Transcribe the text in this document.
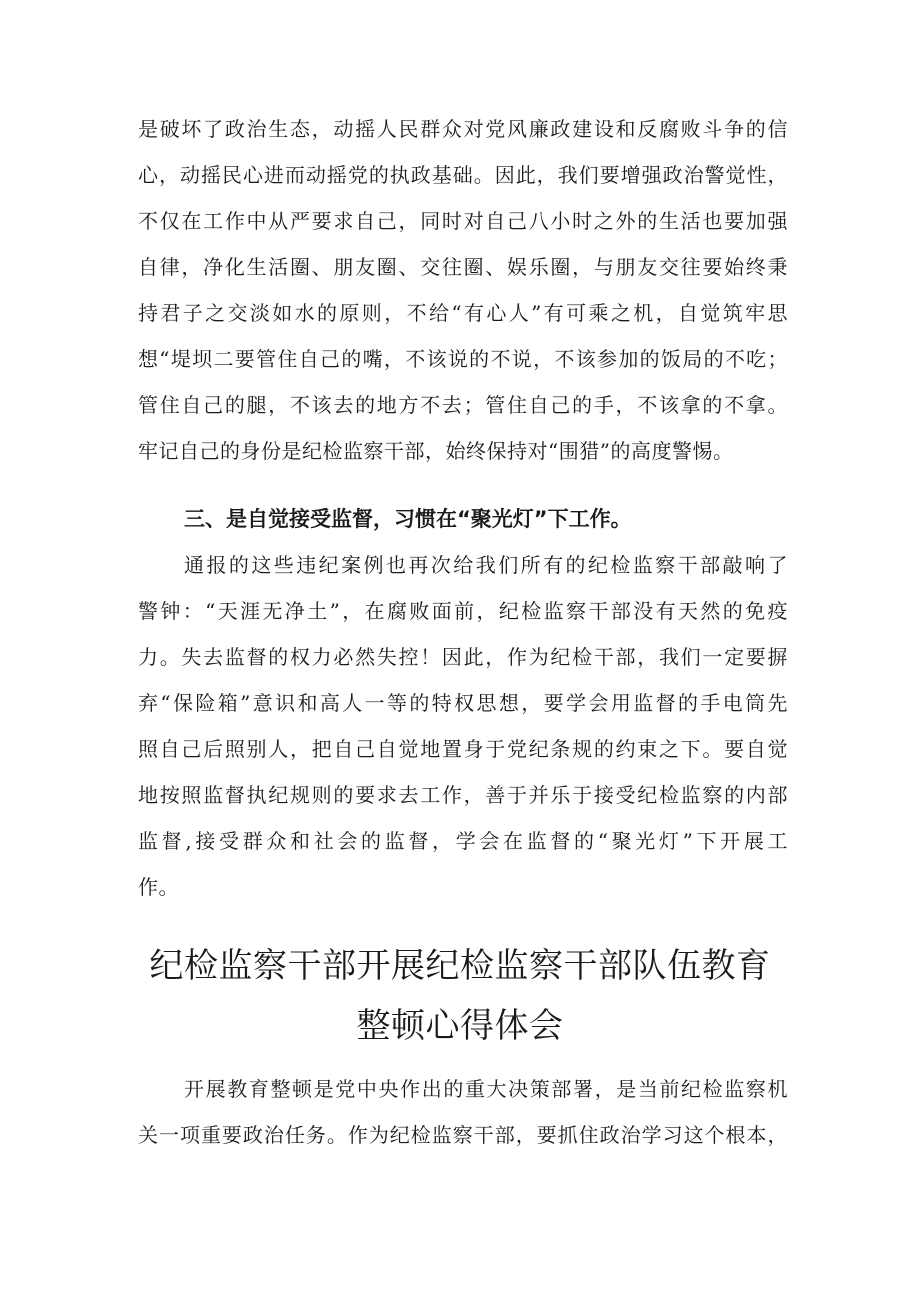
是破坏了政治生态，动摇人民群众对党风廉政建设和反腐败斗争的信
心，动摇民心进而动摇党的执政基础。因此，我们要增强政治警觉性，
不仅在工作中从严要求自己，同时对自己八小时之外的生活也要加强
自律，净化生活圈、朋友圈、交往圈、娱乐圈，与朋友交往要始终秉
持君子之交淡如水的原则，不给“有心人”有可乘之机，自觉筑牢思
想“堤坝二要管住自己的嘴，不该说的不说，不该参加的饭局的不吃；
管住自己的腿，不该去的地方不去；管住自己的手，不该拿的不拿。
牢记自己的身份是纪检监察干部，始终保持对“围猎”的高度警惕。
三、是自觉接受监督，习惯在“聚光灯”下工作。
通报的这些违纪案例也再次给我们所有的纪检监察干部敲响了
警钟：“天涯无净土”，在腐败面前，纪检监察干部没有天然的免疫
力。失去监督的权力必然失控！因此，作为纪检干部，我们一定要摒
弃“保险箱”意识和高人一等的特权思想，要学会用监督的手电筒先
照自己后照别人，把自己自觉地置身于党纪条规的约束之下。要自觉
地按照监督执纪规则的要求去工作，善于并乐于接受纪检监察的内部
监督,接受群众和社会的监督，学会在监督的“聚光灯”下开展工
作。
纪检监察干部开展纪检监察干部队伍教育
整顿心得体会
开展教育整顿是党中央作出的重大决策部署，是当前纪检监察机
关一项重要政治任务。作为纪检监察干部，要抓住政治学习这个根本，
